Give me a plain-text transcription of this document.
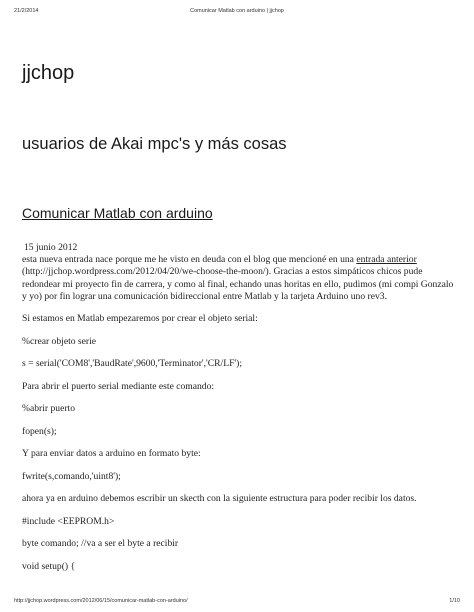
21/2/2014	Comunicar Matlab con arduino | jjchop
jjchop
usuarios de Akai mpc's y más cosas
Comunicar Matlab con arduino
15 junio 2012

esta nueva entrada nace porque me he visto en deuda con el blog que mencioné en una entrada anterior (http://jjchop.wordpress.com/2012/04/20/we-choose-the-moon/). Gracias a estos simpáticos chicos pude redondear mi proyecto fin de carrera, y como al final, echando unas horitas en ello, pudimos (mi compi Gonzalo y yo) por fin lograr una comunicación bidireccional entre Matlab y la tarjeta Arduino uno rev3.

Si estamos en Matlab empezaremos por crear el objeto serial:

%crear objeto serie

s = serial('COM8','BaudRate',9600,'Terminator','CR/LF');

Para abrir el puerto serial mediante este comando:

%abrir puerto

fopen(s);

Y para enviar datos a arduino en formato byte:

fwrite(s,comando,'uint8');

ahora ya en arduino debemos escribir un skecth con la siguiente estructura para poder recibir los datos.

#include <EEPROM.h>

byte comando; //va a ser el byte a recibir

void setup() {

http://jjchop.wordpress.com/2012/06/15/comunicar-matlab-con-arduino/	1/10
